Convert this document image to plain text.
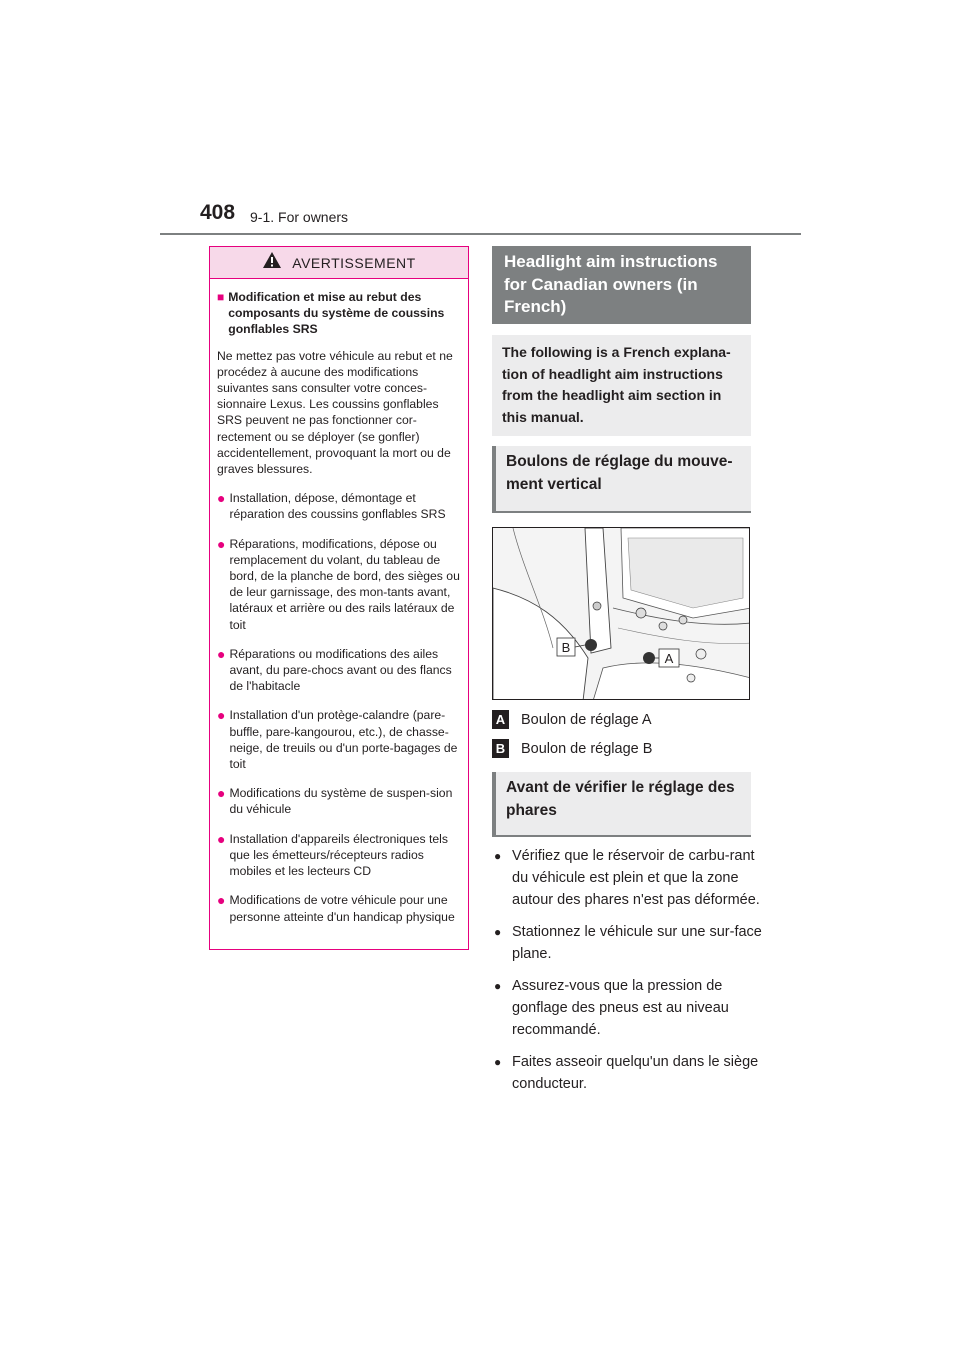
408 9-1. For owners
AVERTISSEMENT
■ Modification et mise au rebut des composants du système de coussins gonflables SRS
Ne mettez pas votre véhicule au rebut et ne procédez à aucune des modifications suivantes sans consulter votre conces-sionnaire Lexus. Les coussins gonflables SRS peuvent ne pas fonctionner cor-rectement ou se déployer (se gonfler) accidentellement, provoquant la mort ou de graves blessures.
● Installation, dépose, démontage et réparation des coussins gonflables SRS
● Réparations, modifications, dépose ou remplacement du volant, du tableau de bord, de la planche de bord, des sièges ou de leur garnissage, des mon-tants avant, latéraux et arrière ou des rails latéraux de toit
● Réparations ou modifications des ailes avant, du pare-chocs avant ou des flancs de l'habitacle
● Installation d'un protège-calandre (pare-buffle, pare-kangourou, etc.), de chasse-neige, de treuils ou d'un porte-bagages de toit
● Modifications du système de suspen-sion du véhicule
● Installation d'appareils électroniques tels que les émetteurs/récepteurs radios mobiles et les lecteurs CD
● Modifications de votre véhicule pour une personne atteinte d'un handicap physique
Headlight aim instructions for Canadian owners (in French)
The following is a French explana-tion of headlight aim instructions from the headlight aim section in this manual.
Boulons de réglage du mouve-ment vertical
B
A
A Boulon de réglage A
B Boulon de réglage B
Avant de vérifier le réglage des phares
● Vérifiez que le réservoir de carbu-rant du véhicule est plein et que la zone autour des phares n'est pas déformée.
● Stationnez le véhicule sur une sur-face plane.
● Assurez-vous que la pression de gonflage des pneus est au niveau recommandé.
● Faites asseoir quelqu'un dans le siège conducteur.
